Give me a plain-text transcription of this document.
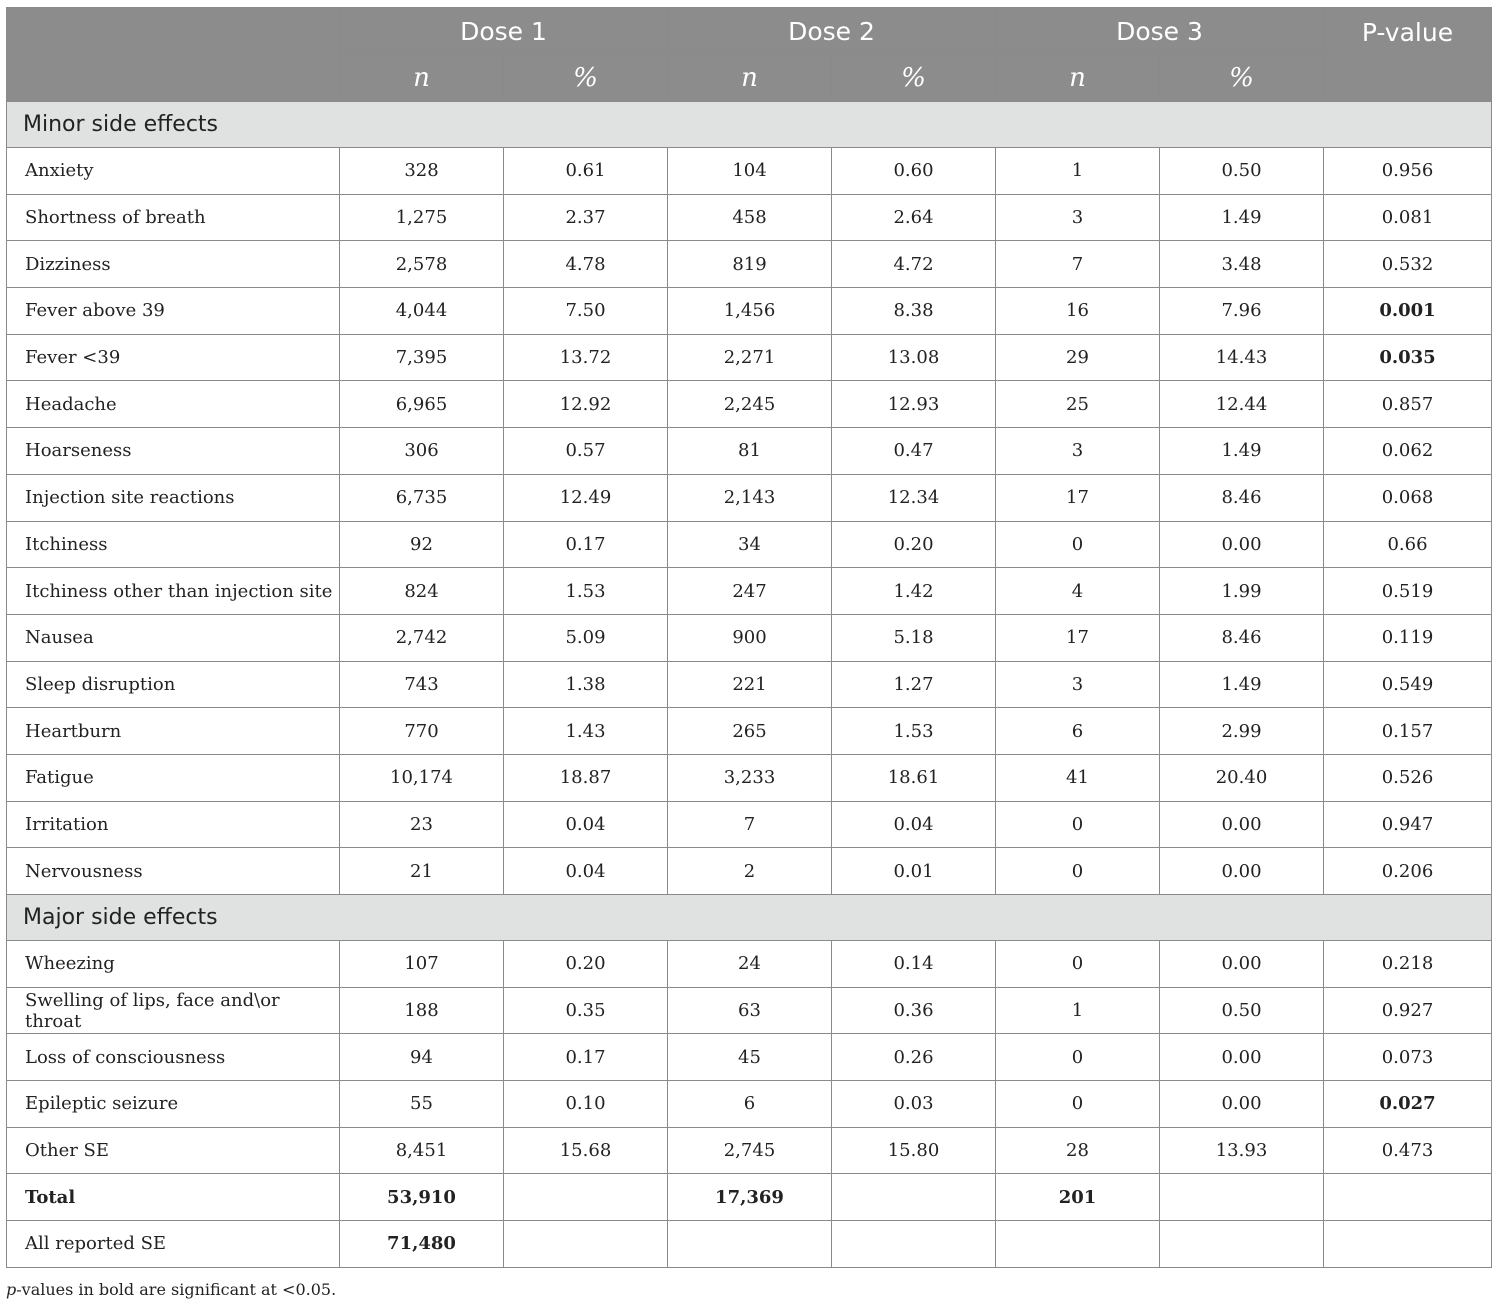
	Dose 1		Dose 2		Dose 3		P-value
	n	%	n	%	n	%	
Minor side effects							
Anxiety	328	0.61	104	0.60	1	0.50	0.956
Shortness of breath	1,275	2.37	458	2.64	3	1.49	0.081
Dizziness	2,578	4.78	819	4.72	7	3.48	0.532
Fever above 39	4,044	7.50	1,456	8.38	16	7.96	0.001
Fever <39	7,395	13.72	2,271	13.08	29	14.43	0.035
Headache	6,965	12.92	2,245	12.93	25	12.44	0.857
Hoarseness	306	0.57	81	0.47	3	1.49	0.062
Injection site reactions	6,735	12.49	2,143	12.34	17	8.46	0.068
Itchiness	92	0.17	34	0.20	0	0.00	0.66
Itchiness other than injection site	824	1.53	247	1.42	4	1.99	0.519
Nausea	2,742	5.09	900	5.18	17	8.46	0.119
Sleep disruption	743	1.38	221	1.27	3	1.49	0.549
Heartburn	770	1.43	265	1.53	6	2.99	0.157
Fatigue	10,174	18.87	3,233	18.61	41	20.40	0.526
Irritation	23	0.04	7	0.04	0	0.00	0.947
Nervousness	21	0.04	2	0.01	0	0.00	0.206
Major side effects							
Wheezing	107	0.20	24	0.14	0	0.00	0.218
Swelling of lips, face and\or throat	188	0.35	63	0.36	1	0.50	0.927
Loss of consciousness	94	0.17	45	0.26	0	0.00	0.073
Epileptic seizure	55	0.10	6	0.03	0	0.00	0.027
Other SE	8,451	15.68	2,745	15.80	28	13.93	0.473
Total	53,910		17,369		201		
All reported SE	71,480						
p-values in bold are significant at <0.05.
